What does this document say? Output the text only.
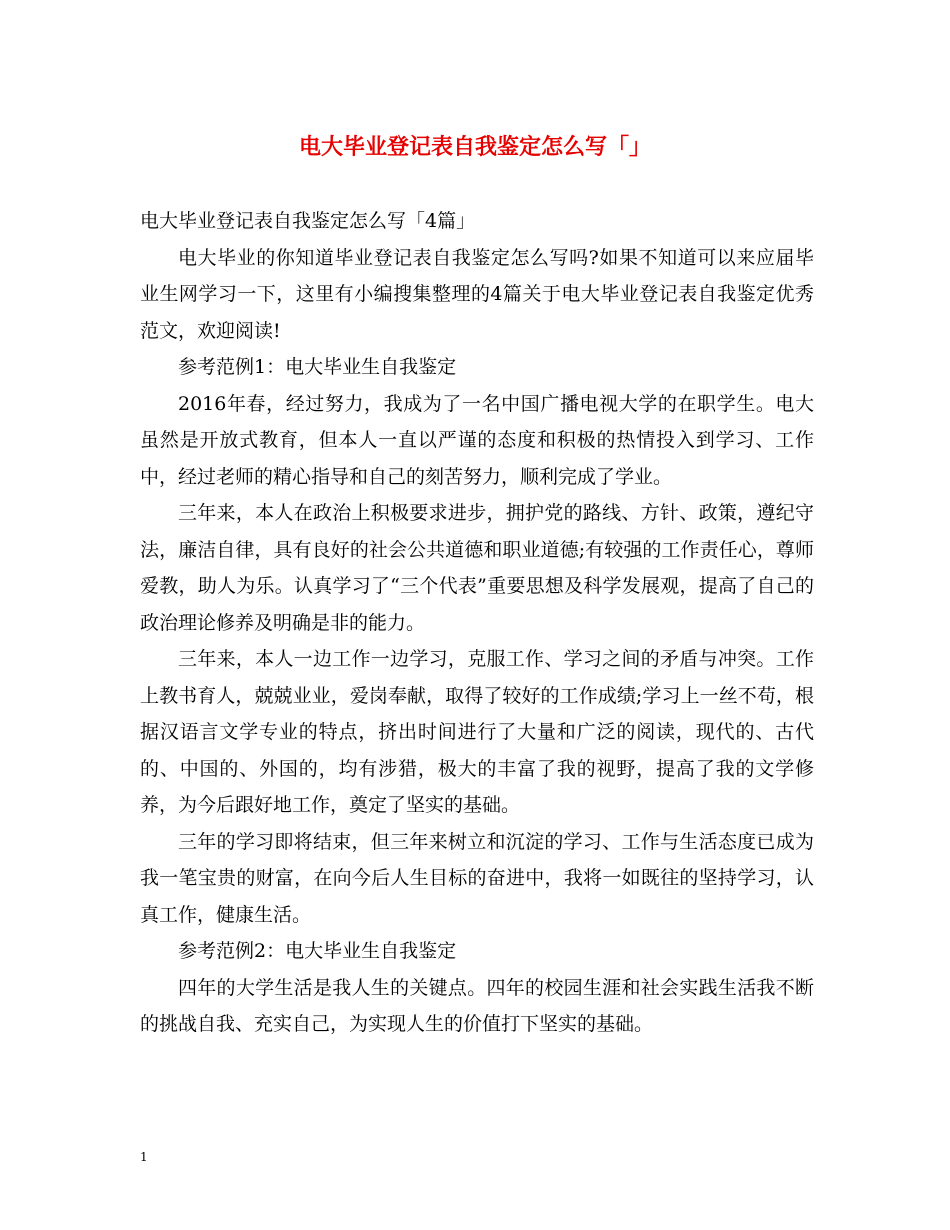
电大毕业登记表自我鉴定怎么写「」

电大毕业登记表自我鉴定怎么写「4篇」

电大毕业的你知道毕业登记表自我鉴定怎么写吗?如果不知道可以来应届毕业生网学习一下，这里有小编搜集整理的4篇关于电大毕业登记表自我鉴定优秀范文，欢迎阅读!

参考范例1：电大毕业生自我鉴定

2016年春，经过努力，我成为了一名中国广播电视大学的在职学生。电大虽然是开放式教育，但本人一直以严谨的态度和积极的热情投入到学习、工作中，经过老师的精心指导和自己的刻苦努力，顺利完成了学业。

三年来，本人在政治上积极要求进步，拥护党的路线、方针、政策，遵纪守法，廉洁自律，具有良好的社会公共道德和职业道德;有较强的工作责任心，尊师爱教，助人为乐。认真学习了“三个代表”重要思想及科学发展观，提高了自己的政治理论修养及明确是非的能力。

三年来，本人一边工作一边学习，克服工作、学习之间的矛盾与冲突。工作上教书育人，兢兢业业，爱岗奉献，取得了较好的工作成绩;学习上一丝不苟，根据汉语言文学专业的特点，挤出时间进行了大量和广泛的阅读，现代的、古代的、中国的、外国的，均有涉猎，极大的丰富了我的视野，提高了我的文学修养，为今后跟好地工作，奠定了坚实的基础。

三年的学习即将结束，但三年来树立和沉淀的学习、工作与生活态度已成为我一笔宝贵的财富，在向今后人生目标的奋进中，我将一如既往的坚持学习，认真工作，健康生活。

参考范例2：电大毕业生自我鉴定

四年的大学生活是我人生的关键点。四年的校园生涯和社会实践生活我不断的挑战自我、充实自己，为实现人生的价值打下坚实的基础。

1
